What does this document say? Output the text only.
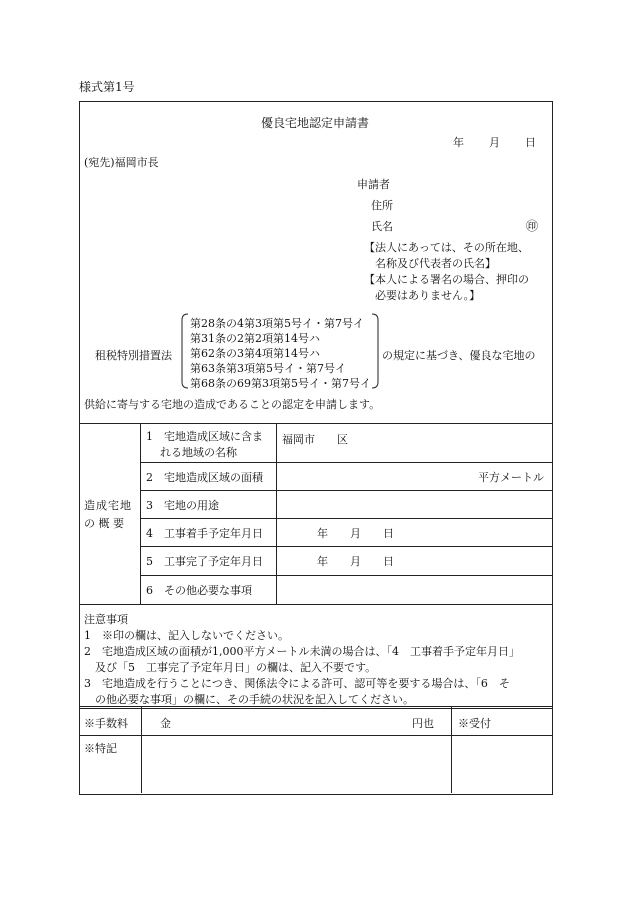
様式第1号
優良宅地認定申請書
年 月 日
(宛先)福岡市長
申請者
住所
氏名	㊞
【法人にあっては、その所在地、
名称及び代表者の氏名】
【本人による署名の場合、押印の
必要はありません。】
租税特別措置法
第28条の4第3項第5号イ・第7号イ
第31条の2第2項第14号ハ
第62条の3第4項第14号ハ
第63条第3項第5号イ・第7号イ
第68条の69第3項第5号イ・第7号イ
の規定に基づき、優良な宅地の
供給に寄与する宅地の造成であることの認定を申請します。
造成宅地
の 概 要
1　宅地造成区域に含ま
れる地域の名称
福岡市　　区
2　宅地造成区域の面積	平方メートル
3　宅地の用途
4　工事着手予定年月日	年　　月　　日
5　工事完了予定年月日	年　　月　　日
6　その他必要な事項
注意事項
1　※印の欄は、記入しないでください。
2　宅地造成区域の面積が1,000平方メートル未満の場合は、「4　工事着手予定年月日」
　及び「5　工事完了予定年月日」の欄は、記入不要です。
3　宅地造成を行うことにつき、関係法令による許可、認可等を要する場合は、「6　そ
　の他必要な事項」の欄に、その手続の状況を記入してください。
※手数料	金	円也 ※受付
※特記
